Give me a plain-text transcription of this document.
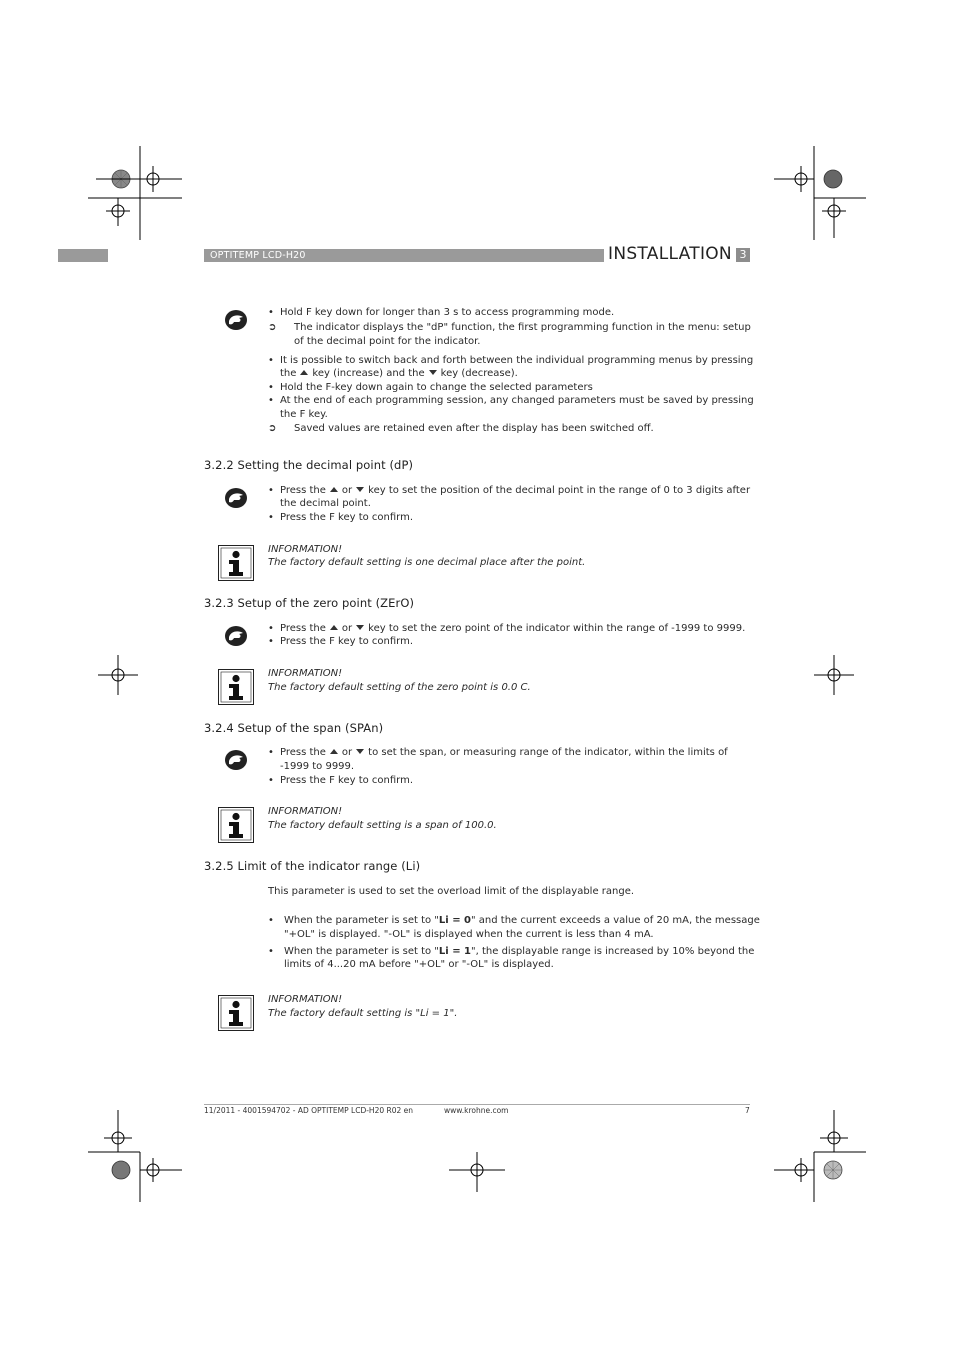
OPTITEMP LCD-H20	INSTALLATION 3
• Hold F key down for longer than 3 s to access programming mode.
➲ The indicator displays the "dP" function, the first programming function in the menu: setup
of the decimal point for the indicator.
• It is possible to switch back and forth between the individual programming menus by pressing
the key (increase) and the key (decrease).
• Hold the F-key down again to change the selected parameters
• At the end of each programming session, any changed parameters must be saved by pressing
the F key.
➲ Saved values are retained even after the display has been switched off.
3.2.2 Setting the decimal point (dP)
• Press the or key to set the position of the decimal point in the range of 0 to 3 digits after
the decimal point.
• Press the F key to confirm.
INFORMATION!
The factory default setting is one decimal place after the point.
3.2.3 Setup of the zero point (ZErO)
• Press the or key to set the zero point of the indicator within the range of -1999 to 9999.
• Press the F key to confirm.
INFORMATION!
The factory default setting of the zero point is 0.0 C.
3.2.4 Setup of the span (SPAn)
• Press the or to set the span, or measuring range of the indicator, within the limits of
-1999 to 9999.
• Press the F key to confirm.
INFORMATION!
The factory default setting is a span of 100.0.
3.2.5 Limit of the indicator range (Li)
This parameter is used to set the overload limit of the displayable range.
• When the parameter is set to "Li = 0" and the current exceeds a value of 20 mA, the message
"+OL" is displayed. "-OL" is displayed when the current is less than 4 mA.
• When the parameter is set to "Li = 1", the displayable range is increased by 10% beyond the
limits of 4...20 mA before "+OL" or "-OL" is displayed.
INFORMATION!
The factory default setting is "Li = 1".
11/2011 - 4001594702 - AD OPTITEMP LCD-H20 R02 en	www.krohne.com	7
